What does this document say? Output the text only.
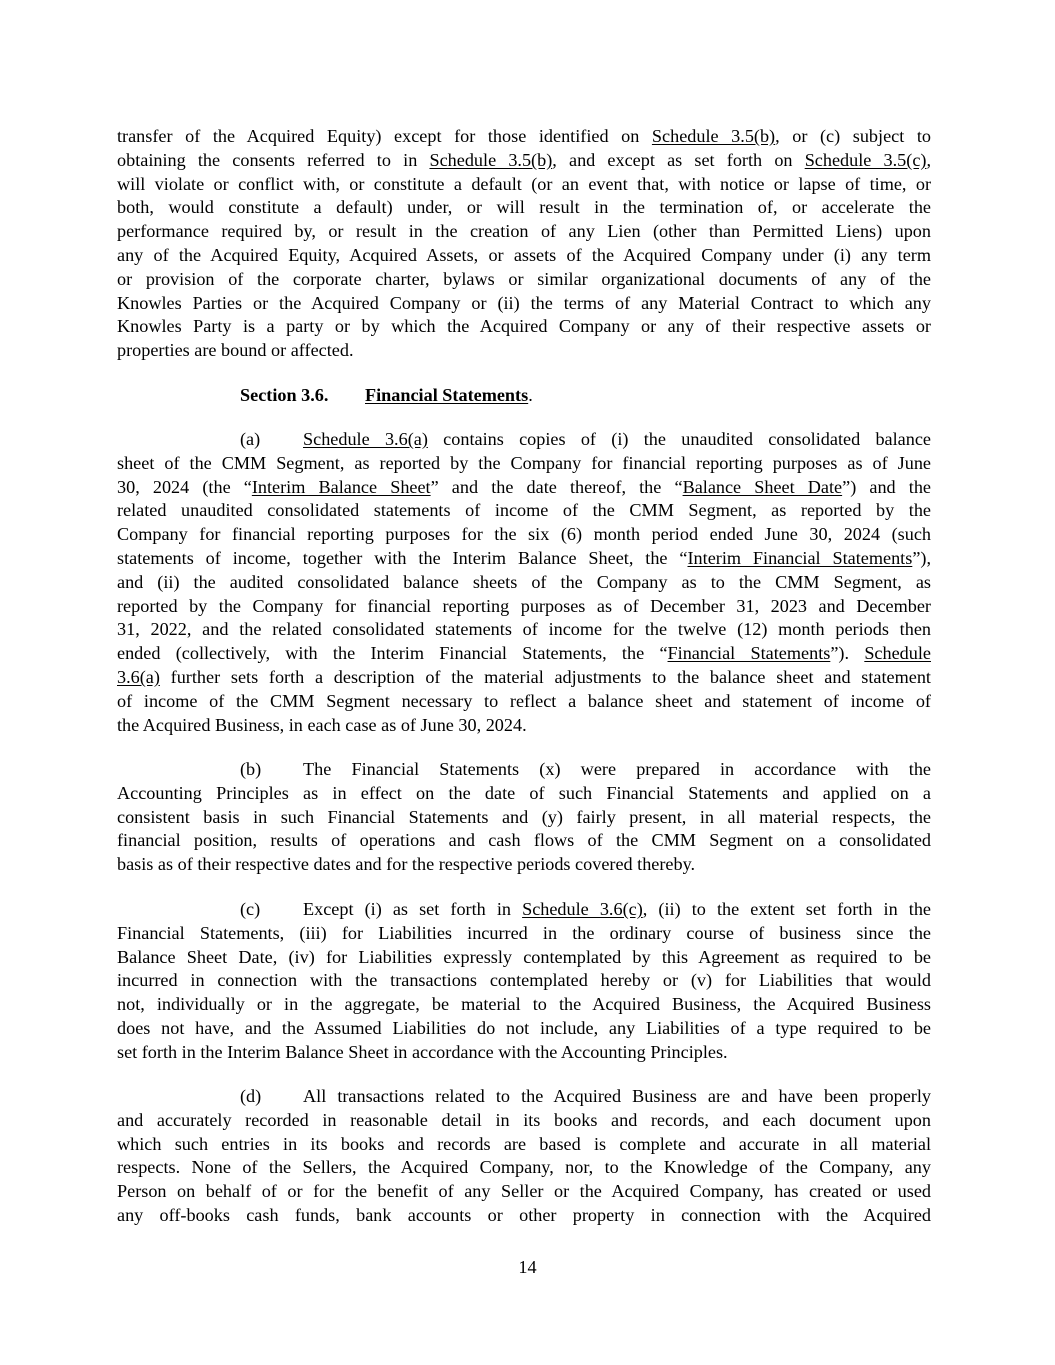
Section 3.6. Financial Statements.
transfer of the Acquired Equity) except for those identified on Schedule 3.5(b), or (c) subject to
obtaining the consents referred to in Schedule 3.5(b), and except as set forth on Schedule 3.5(c),
will violate or conflict with, or constitute a default (or an event that, with notice or lapse of time, or
both, would constitute a default) under, or will result in the termination of, or accelerate the
performance required by, or result in the creation of any Lien (other than Permitted Liens) upon
any of the Acquired Equity, Acquired Assets, or assets of the Acquired Company under (i) any term
or provision of the corporate charter, bylaws or similar organizational documents of any of the
Knowles Parties or the Acquired Company or (ii) the terms of any Material Contract to which any
Knowles Party is a party or by which the Acquired Company or any of their respective assets or
properties are bound or affected.
(a) Schedule 3.6(a) contains copies of (i) the unaudited consolidated balance
sheet of the CMM Segment, as reported by the Company for financial reporting purposes as of June
30, 2024 (the “Interim Balance Sheet” and the date thereof, the “Balance Sheet Date”) and the
related unaudited consolidated statements of income of the CMM Segment, as reported by the
Company for financial reporting purposes for the six (6) month period ended June 30, 2024 (such
statements of income, together with the Interim Balance Sheet, the “Interim Financial Statements”),
and (ii) the audited consolidated balance sheets of the Company as to the CMM Segment, as
reported by the Company for financial reporting purposes as of December 31, 2023 and December
31, 2022, and the related consolidated statements of income for the twelve (12) month periods then
ended (collectively, with the Interim Financial Statements, the “Financial Statements”). Schedule
3.6(a) further sets forth a description of the material adjustments to the balance sheet and statement
of income of the CMM Segment necessary to reflect a balance sheet and statement of income of
the Acquired Business, in each case as of June 30, 2024.
(b) The Financial Statements (x) were prepared in accordance with the
Accounting Principles as in effect on the date of such Financial Statements and applied on a
consistent basis in such Financial Statements and (y) fairly present, in all material respects, the
financial position, results of operations and cash flows of the CMM Segment on a consolidated
basis as of their respective dates and for the respective periods covered thereby.
(c) Except (i) as set forth in Schedule 3.6(c), (ii) to the extent set forth in the
Financial Statements, (iii) for Liabilities incurred in the ordinary course of business since the
Balance Sheet Date, (iv) for Liabilities expressly contemplated by this Agreement as required to be
incurred in connection with the transactions contemplated hereby or (v) for Liabilities that would
not, individually or in the aggregate, be material to the Acquired Business, the Acquired Business
does not have, and the Assumed Liabilities do not include, any Liabilities of a type required to be
set forth in the Interim Balance Sheet in accordance with the Accounting Principles.
(d) All transactions related to the Acquired Business are and have been properly
and accurately recorded in reasonable detail in its books and records, and each document upon
which such entries in its books and records are based is complete and accurate in all material
respects. None of the Sellers, the Acquired Company, nor, to the Knowledge of the Company, any
Person on behalf of or for the benefit of any Seller or the Acquired Company, has created or used
any off-books cash funds, bank accounts or other property in connection with the Acquired
14
